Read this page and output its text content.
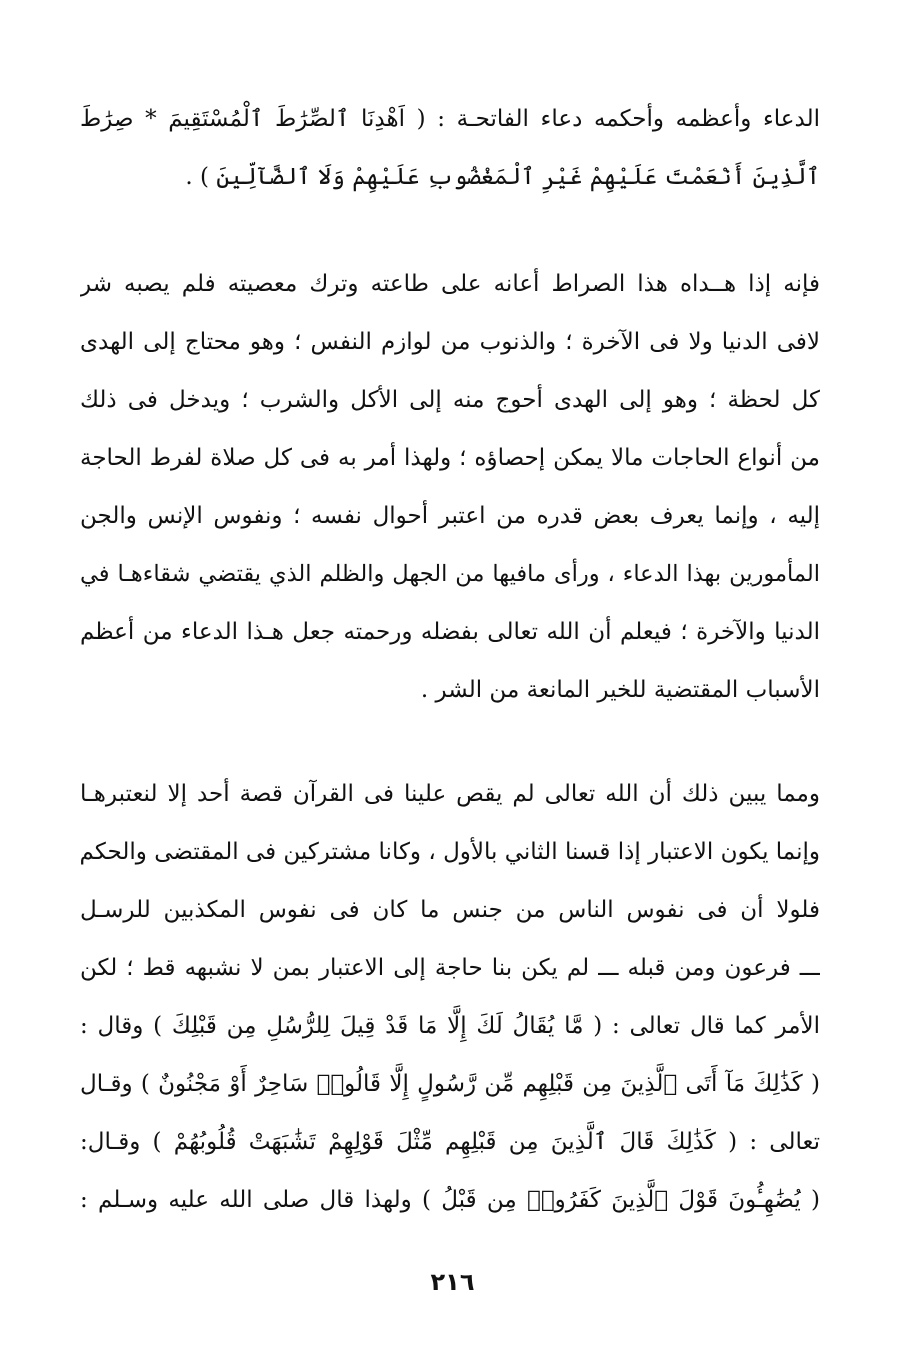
الدعاء وأعظمه وأحكمه دعاء الفاتحـة : ( اَهْدِنَا ٱلصِّرَٰطَ ٱلْمُسْتَقِيمَ * صِرَٰطَ
ٱلَّذِينَ أَنْعَمْتَ عَلَيْهِمْ غَيْرِ ٱلْمَغْضُوبِ عَلَيْهِمْ وَلَا ٱلضَّآلِّينَ ) .
فإنه إذا هــداه هذا الصراط أعانه على طاعته وترك معصيته فلم يصبه شر
لافى الدنيا ولا فى الآخرة ؛ والذنوب من لوازم النفس ؛ وهو محتاج إلى الهدى
كل لحظة ؛ وهو إلى الهدى أحوج منه إلى الأكل والشرب ؛ ويدخل فى ذلك
من أنواع الحاجات مالا يمكن إحصاؤه ؛ ولهذا أمر به فى كل صلاة لفرط الحاجة
إليه ، وإنما يعرف بعض قدره من اعتبر أحوال نفسه ؛ ونفوس الإنس والجن
المأمورين بهذا الدعاء ، ورأى مافيها من الجهل والظلم الذي يقتضي شقاءهـا في
الدنيا والآخرة ؛ فيعلم أن الله تعالى بفضله ورحمته جعل هـذا الدعاء من أعظم
الأسباب المقتضية للخير المانعة من الشر .
ومما يبين ذلك أن الله تعالى لم يقص علينا فى القرآن قصة أحد إلا لنعتبرهـا
وإنما يكون الاعتبار إذا قسنا الثاني بالأول ، وكانا مشتركين فى المقتضى والحكم
فلولا أن فى نفوس الناس من جنس ما كان فى نفوس المكذبين للرسـل
ـــ فرعون ومن قبله ـــ لم يكن بنا حاجة إلى الاعتبار بمن لا نشبهه قط ؛ لكن
الأمر كما قال تعالى : ( مَّا يُقَالُ لَكَ إِلَّا مَا قَدْ قِيلَ لِلرُّسُلِ مِن قَبْلِكَ ) وقال :
( كَذَٰلِكَ مَآ أَتَى ٱلَّذِينَ مِن قَبْلِهِم مِّن رَّسُولٍ إِلَّا قَالُوا۟ سَاحِرٌ أَوْ مَجْنُونٌ ) وقـال
تعالى : ( كَذَٰلِكَ قَالَ ٱلَّذِينَ مِن قَبْلِهِم مِّثْلَ قَوْلِهِمْ تَشَٰبَهَتْ قُلُوبُهُمْ ) وقـال:
( يُضَٰهِـُٔونَ قَوْلَ ٱلَّذِينَ كَفَرُوا۟ مِن قَبْلُ ) ولهذا قال صلى الله عليه وسـلم :
٢١٦
